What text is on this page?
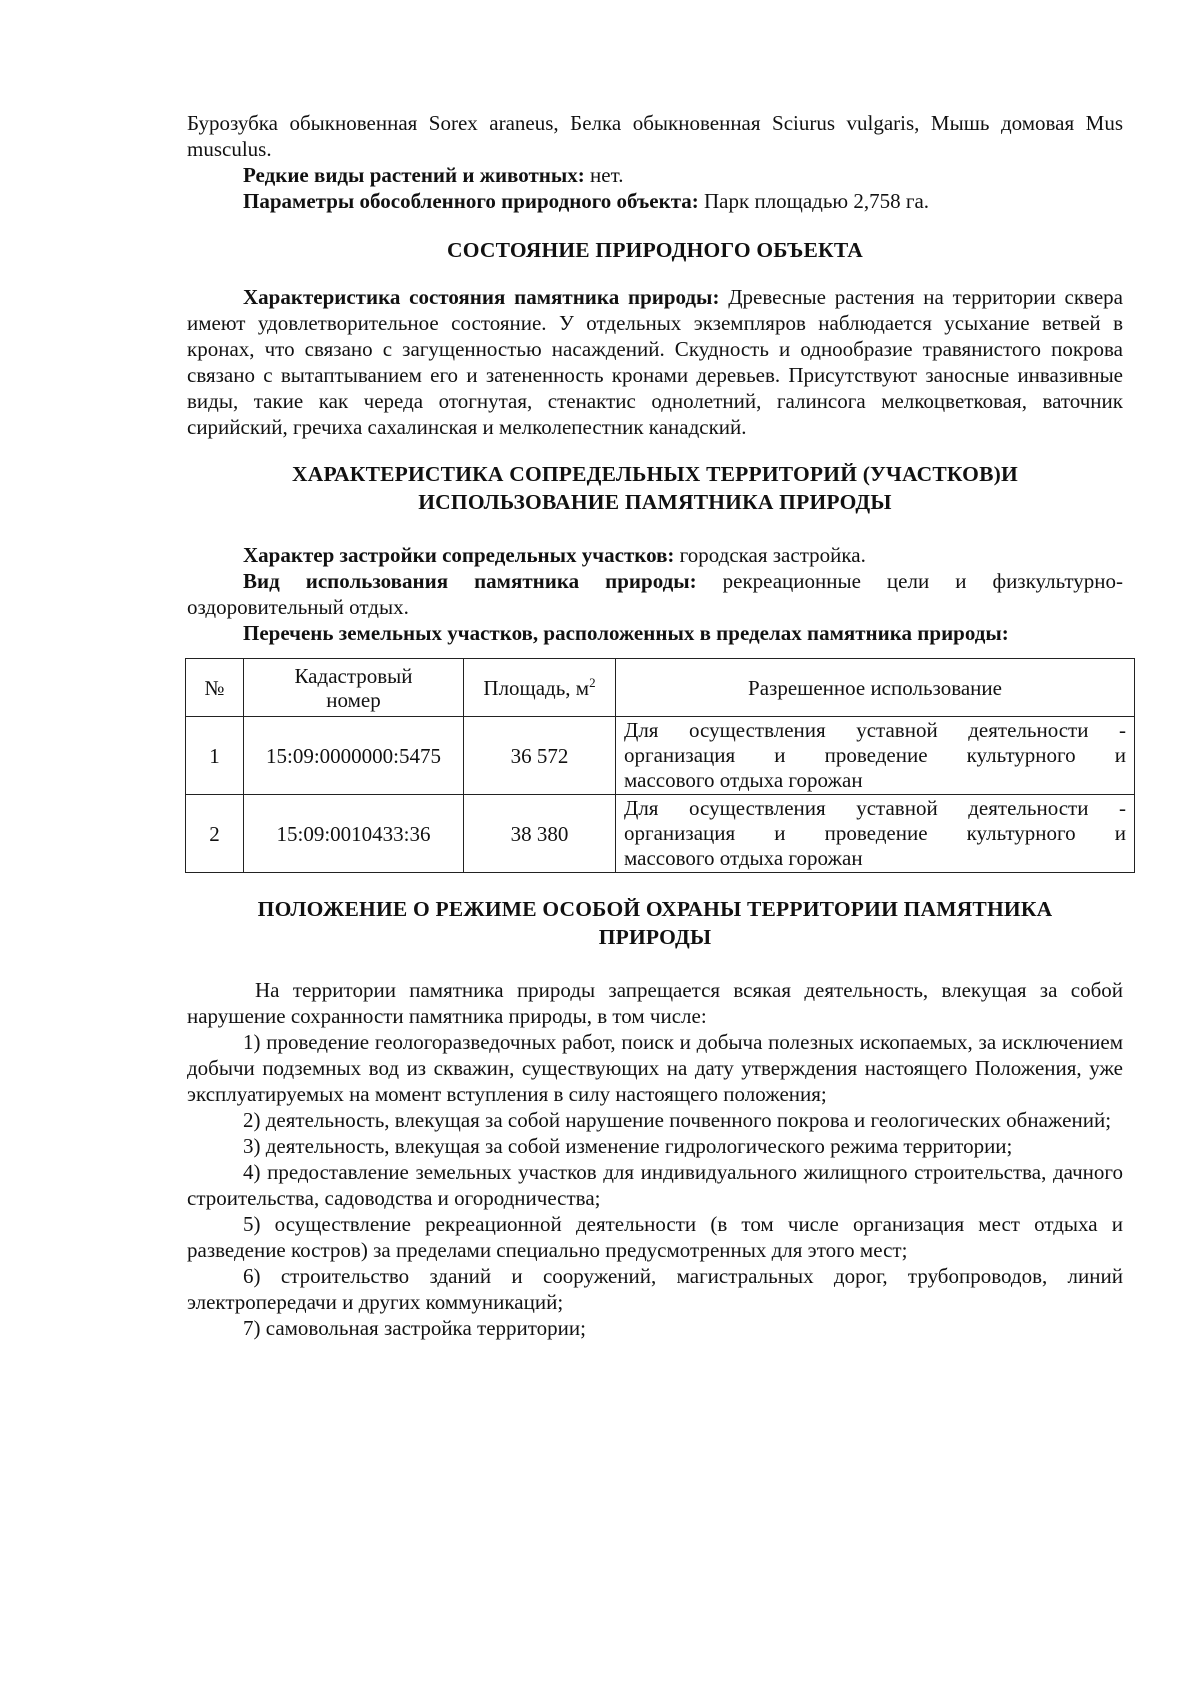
Бурозубка обыкновенная Sorex araneus, Белка обыкновенная Sciurus vulgaris, Мышь домовая Mus musculus.

Редкие виды растений и животных: нет.

Параметры обособленного природного объекта: Парк площадью 2,758 га.

СОСТОЯНИЕ ПРИРОДНОГО ОБЪЕКТА

Характеристика состояния памятника природы: Древесные растения на территории сквера имеют удовлетворительное состояние. У отдельных экземпляров наблюдается усыхание ветвей в кронах, что связано с загущенностью насаждений. Скудность и однообразие травянистого покрова связано с вытаптыванием его и затененность кронами деревьев. Присутствуют заносные инвазивные виды, такие как череда отогнутая, стенактис однолетний, галинсога мелкоцветковая, ваточник сирийский, гречиха сахалинская и мелколепестник канадский.

ХАРАКТЕРИСТИКА СОПРЕДЕЛЬНЫХ ТЕРРИТОРИЙ (УЧАСТКОВ)И
ИСПОЛЬЗОВАНИЕ ПАМЯТНИКА ПРИРОДЫ

Характер застройки сопредельных участков: городская застройка.

Вид использования памятника природы: рекреационные цели и физкультурно-оздоровительный отдых.

Перечень земельных участков, расположенных в пределах памятника природы:

№	Кадастровый номер	Площадь, $м^2$	Разрешенное использование
1	15:09:0000000:5475	36 572	Для осуществления уставной деятельности -
организация и проведение культурного и
массового отдыха горожан

2	15:09:0010433:36	38 380	Для осуществления уставной деятельности -
организация и проведение культурного и
массового отдыха горожан
ПОЛОЖЕНИЕ О РЕЖИМЕ ОСОБОЙ ОХРАНЫ ТЕРРИТОРИИ ПАМЯТНИКА
ПРИРОДЫ

На территории памятника природы запрещается всякая деятельность, влекущая за собой нарушение сохранности памятника природы, в том числе:

1) проведение геологоразведочных работ, поиск и добыча полезных ископаемых, за исключением добычи подземных вод из скважин, существующих на дату утверждения настоящего Положения, уже эксплуатируемых на момент вступления в силу настоящего положения;

2) деятельность, влекущая за собой нарушение почвенного покрова и геологических обнажений;

3) деятельность, влекущая за собой изменение гидрологического режима территории;

4) предоставление земельных участков для индивидуального жилищного строительства, дачного строительства, садоводства и огородничества;

5) осуществление рекреационной деятельности (в том числе организация мест отдыха и разведение костров) за пределами специально предусмотренных для этого мест;

6) строительство зданий и сооружений, магистральных дорог, трубопроводов, линий электропередачи и других коммуникаций;

7) самовольная застройка территории;
